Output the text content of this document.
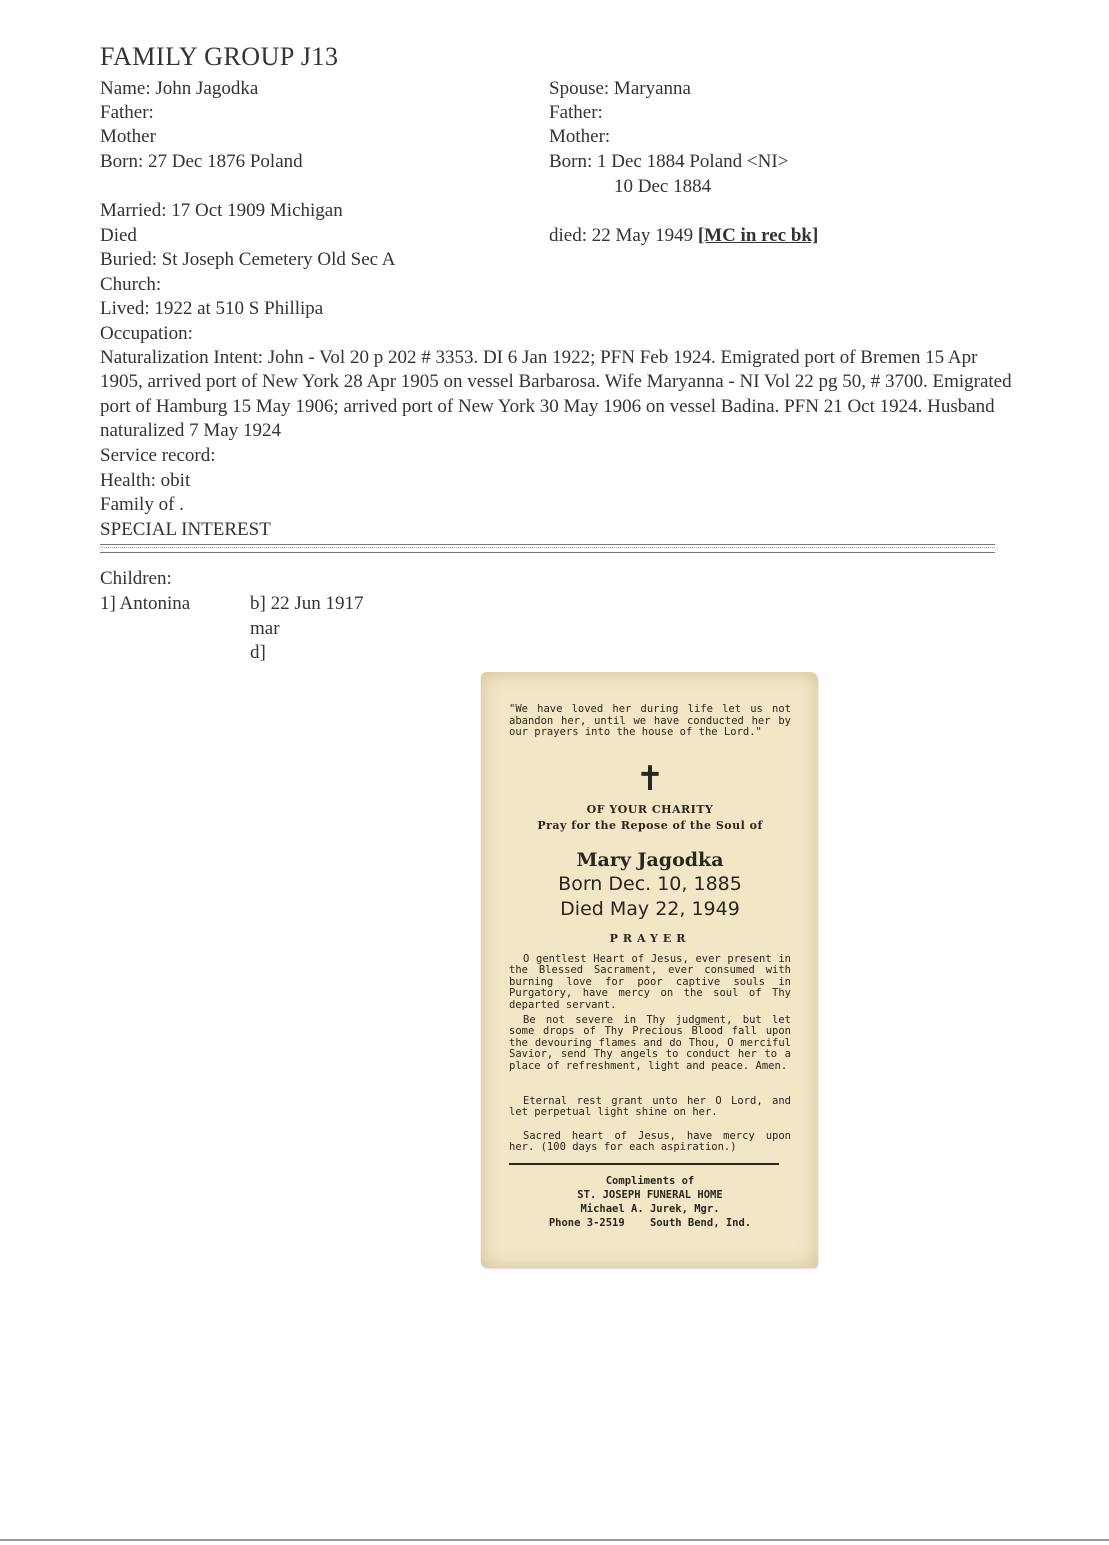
FAMILY GROUP J13
Name: John Jagodka
Father:
Mother
Born: 27 Dec 1876 Poland
Married: 17 Oct 1909 Michigan
Died
Buried: St Joseph Cemetery Old Sec A
Church:
Lived: 1922 at 510 S Phillipa
Occupation:
Spouse: Maryanna
Father:
Mother:
Born: 1 Dec 1884 Poland <NI>
10 Dec 1884
died: 22 May 1949 [MC in rec bk]
Naturalization Intent: John - Vol 20 p 202 # 3353. DI 6 Jan 1922; PFN Feb 1924. Emigrated port of Bremen 15 Apr 1905, arrived port of New York 28 Apr 1905 on vessel Barbarosa. Wife Maryanna - NI Vol 22 pg 50, # 3700. Emigrated port of Hamburg 15 May 1906; arrived port of New York 30 May 1906 on vessel Badina. PFN 21 Oct 1924. Husband naturalized 7 May 1924
Service record:
Health: obit
Family of .
SPECIAL INTEREST
Children:
1] Antonina	b] 22 Jun 1917
mar
d]
"We have loved her during life let us not abandon her, until we have conducted her by our prayers into the house of the Lord."
✝
OF YOUR CHARITY
Pray for the Repose of the Soul of
Mary Jagodka
Born Dec. 10, 1885
Died May 22, 1949
PRAYER
O gentlest Heart of Jesus, ever present in the Blessed Sacrament, ever consumed with burning love for poor captive souls in Purgatory, have mercy on the soul of Thy departed servant.
Be not severe in Thy judgment, but let some drops of Thy Precious Blood fall upon the devouring flames and do Thou, O merciful Savior, send Thy angels to conduct her to a place of refreshment, light and peace. Amen.
Eternal rest grant unto her O Lord, and let perpetual light shine on her.
Sacred heart of Jesus, have mercy upon her. (100 days for each aspiration.)
Compliments of
ST. JOSEPH FUNERAL HOME
Michael A. Jurek, Mgr.
Phone 3-2519    South Bend, Ind.
